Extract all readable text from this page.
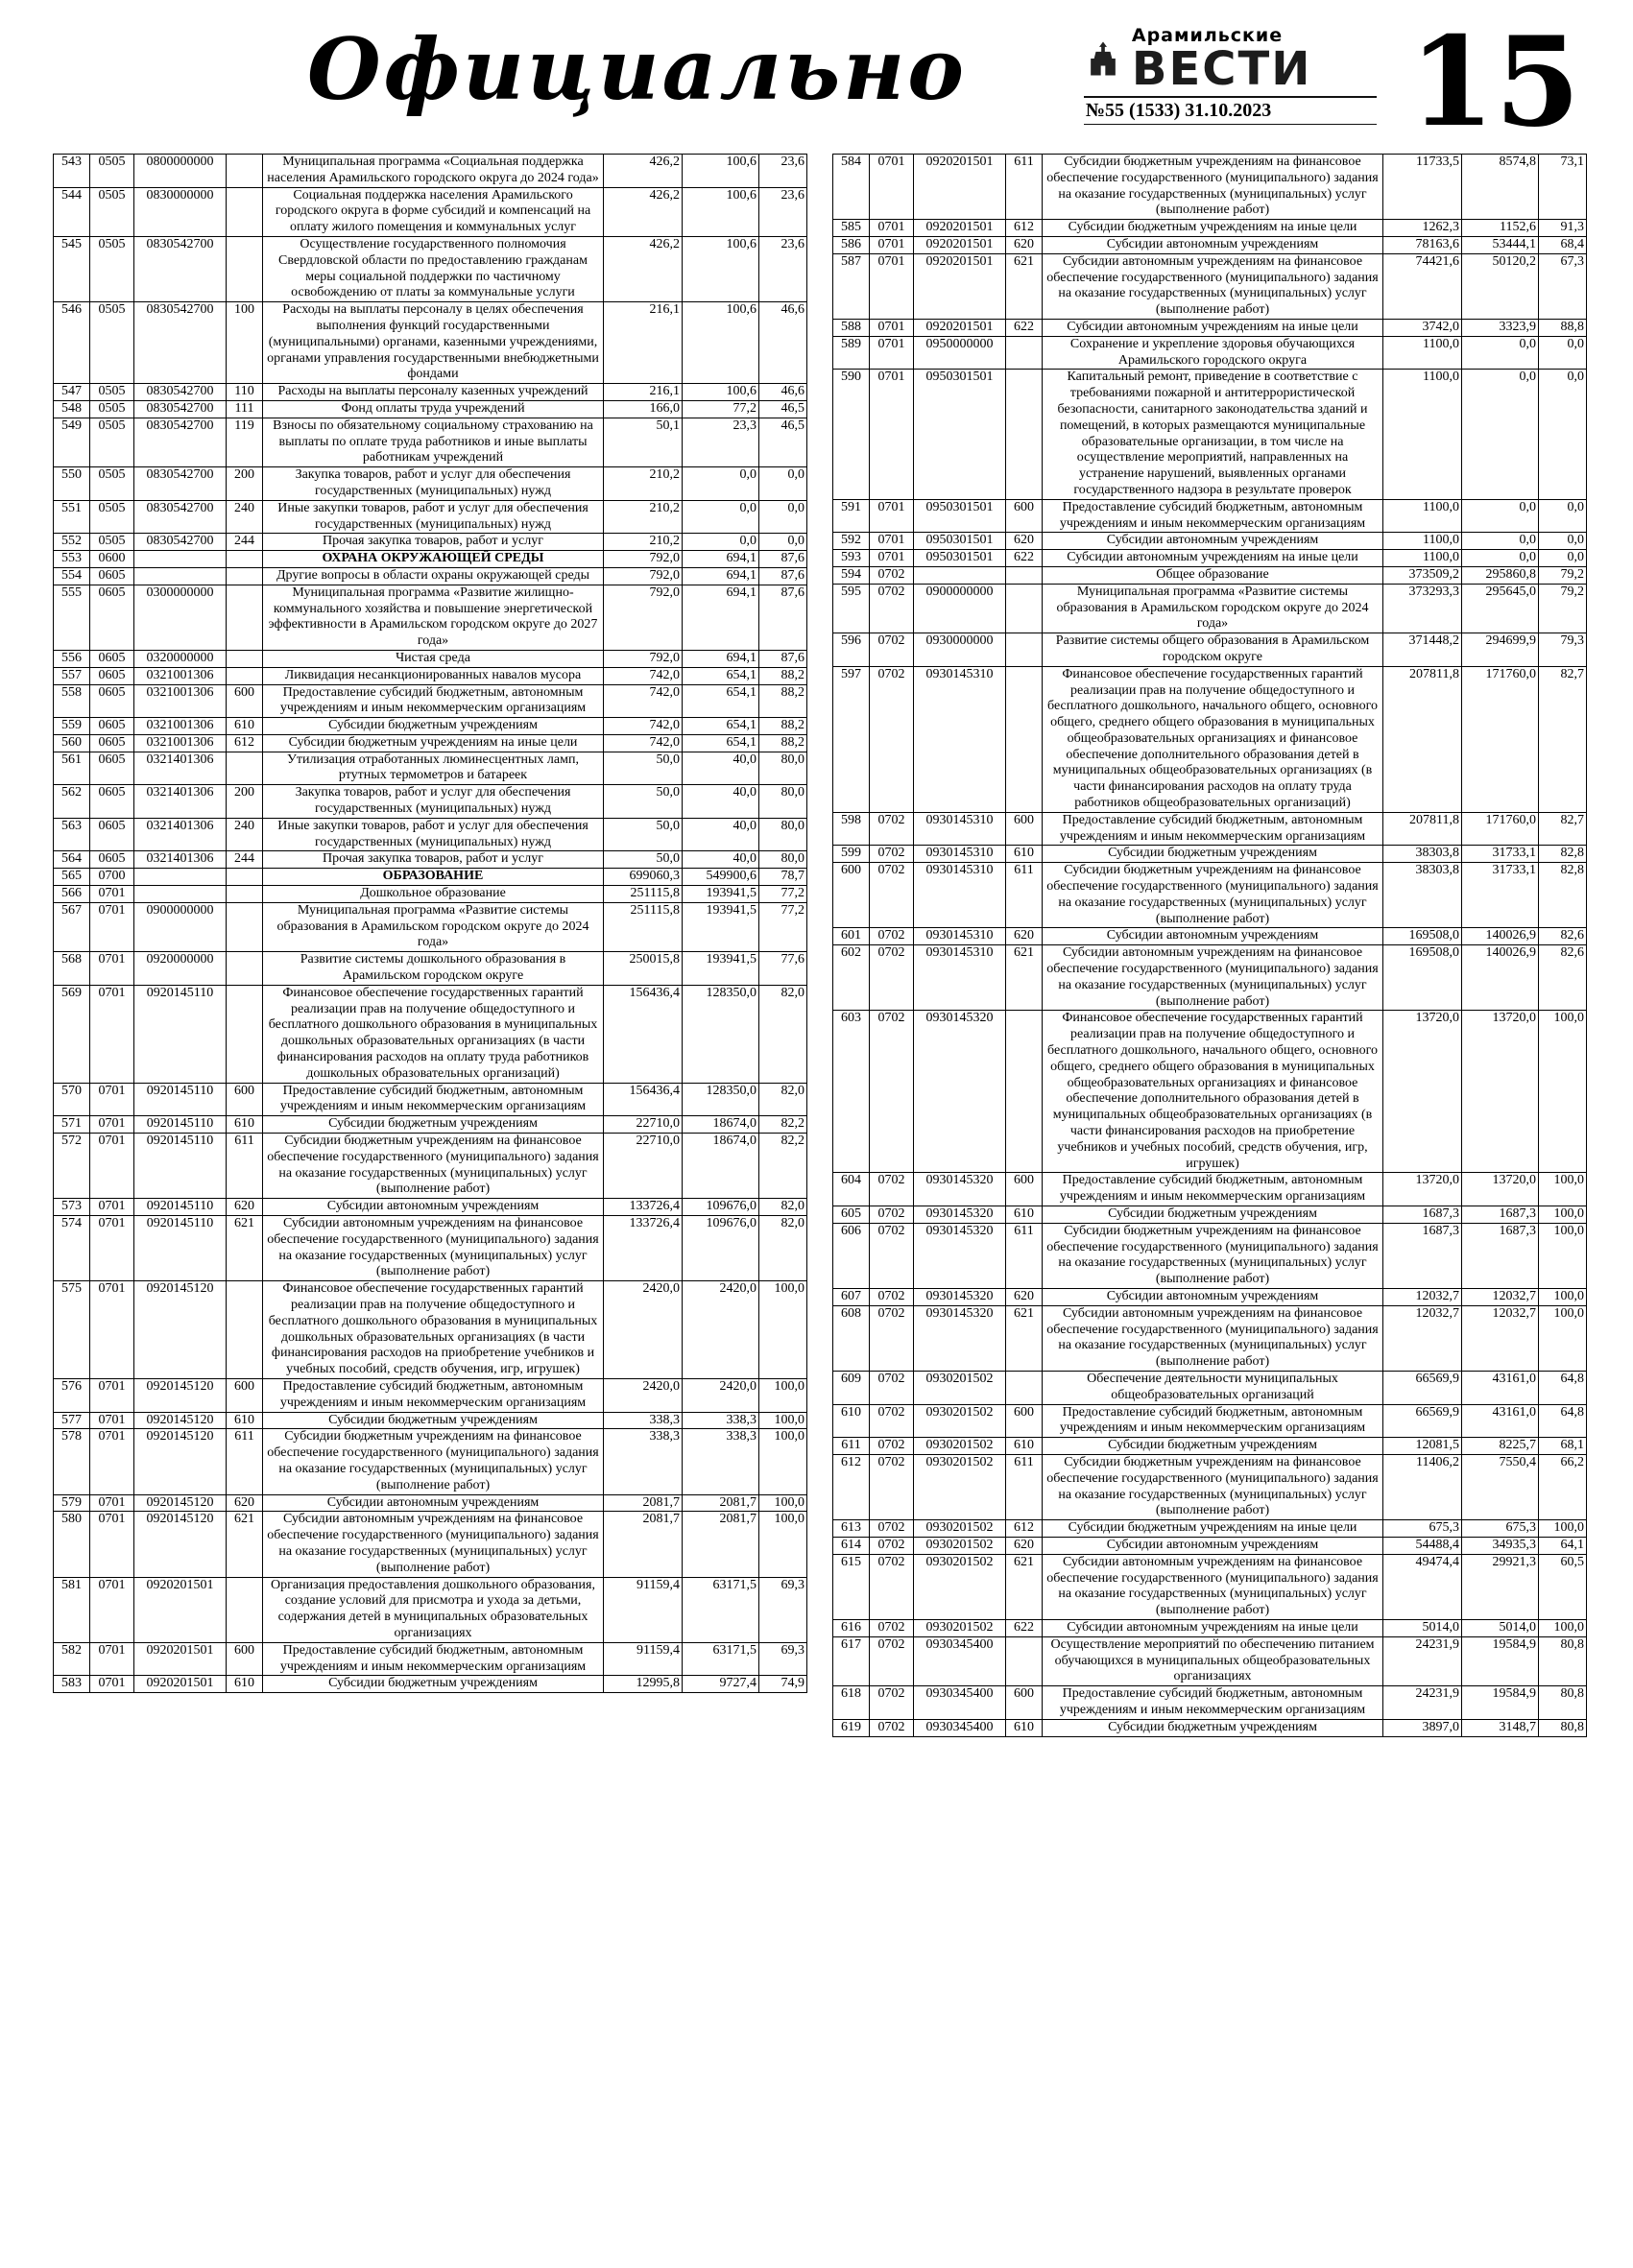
Официально	Арамильские
ВЕСТИ
№55 (1533) 31.10.2023	15
543	0505	0800000000		Муниципальная программа «Социальная поддержка населения Арамильского городского округа до 2024 года»	426,2	100,6	23,6
544	0505	0830000000		Социальная поддержка населения Арамильского городского округа в форме субсидий и компенсаций на оплату жилого помещения и коммунальных услуг	426,2	100,6	23,6
545	0505	0830542700		Осуществление государственного полномочия Свердловской области по предоставлению гражданам меры социальной поддержки по частичному освобождению от платы за коммунальные услуги	426,2	100,6	23,6
546	0505	0830542700	100	Расходы на выплаты персоналу в целях обеспечения выполнения функций государственными (муниципальными) органами, казенными учреждениями, органами управления государственными внебюджетными фондами	216,1	100,6	46,6
547	0505	0830542700	110	Расходы на выплаты персоналу казенных учреждений	216,1	100,6	46,6
548	0505	0830542700	111	Фонд оплаты труда учреждений	166,0	77,2	46,5
549	0505	0830542700	119	Взносы по обязательному социальному страхованию на выплаты по оплате труда работников и иные выплаты работникам учреждений	50,1	23,3	46,5
550	0505	0830542700	200	Закупка товаров, работ и услуг для обеспечения государственных (муниципальных) нужд	210,2	0,0	0,0
551	0505	0830542700	240	Иные закупки товаров, работ и услуг для обеспечения государственных (муниципальных) нужд	210,2	0,0	0,0
552	0505	0830542700	244	Прочая закупка товаров, работ и услуг	210,2	0,0	0,0
553	0600			ОХРАНА ОКРУЖАЮЩЕЙ СРЕДЫ	792,0	694,1	87,6
554	0605			Другие вопросы в области охраны окружающей среды	792,0	694,1	87,6
555	0605	0300000000		Муниципальная программа «Развитие жилищно-коммунального хозяйства и повышение энергетической эффективности в Арамильском городском округе до 2027 года»	792,0	694,1	87,6
556	0605	0320000000		Чистая среда	792,0	694,1	87,6
557	0605	0321001306		Ликвидация несанкционированных навалов мусора	742,0	654,1	88,2
558	0605	0321001306	600	Предоставление субсидий бюджетным, автономным учреждениям и иным некоммерческим организациям	742,0	654,1	88,2
559	0605	0321001306	610	Субсидии бюджетным учреждениям	742,0	654,1	88,2
560	0605	0321001306	612	Субсидии бюджетным учреждениям на иные цели	742,0	654,1	88,2
561	0605	0321401306		Утилизация отработанных люминесцентных ламп, ртутных термометров и батареек	50,0	40,0	80,0
562	0605	0321401306	200	Закупка товаров, работ и услуг для обеспечения государственных (муниципальных) нужд	50,0	40,0	80,0
563	0605	0321401306	240	Иные закупки товаров, работ и услуг для обеспечения государственных (муниципальных) нужд	50,0	40,0	80,0
564	0605	0321401306	244	Прочая закупка товаров, работ и услуг	50,0	40,0	80,0
565	0700			ОБРАЗОВАНИЕ	699060,3	549900,6	78,7
566	0701			Дошкольное образование	251115,8	193941,5	77,2
567	0701	0900000000		Муниципальная программа «Развитие системы образования в Арамильском городском округе до 2024 года»	251115,8	193941,5	77,2
568	0701	0920000000		Развитие системы дошкольного образования в Арамильском городском округе	250015,8	193941,5	77,6
569	0701	0920145110		Финансовое обеспечение государственных гарантий реализации прав на получение общедоступного и бесплатного дошкольного образования в муниципальных дошкольных образовательных организациях (в части финансирования расходов на оплату труда работников дошкольных образовательных организаций)	156436,4	128350,0	82,0
570	0701	0920145110	600	Предоставление субсидий бюджетным, автономным учреждениям и иным некоммерческим организациям	156436,4	128350,0	82,0
571	0701	0920145110	610	Субсидии бюджетным учреждениям	22710,0	18674,0	82,2
572	0701	0920145110	611	Субсидии бюджетным учреждениям на финансовое обеспечение государственного (муниципального) задания на оказание государственных (муниципальных) услуг (выполнение работ)	22710,0	18674,0	82,2
573	0701	0920145110	620	Субсидии автономным учреждениям	133726,4	109676,0	82,0
574	0701	0920145110	621	Субсидии автономным учреждениям на финансовое обеспечение государственного (муниципального) задания на оказание государственных (муниципальных) услуг (выполнение работ)	133726,4	109676,0	82,0
575	0701	0920145120		Финансовое обеспечение государственных гарантий реализации прав на получение общедоступного и бесплатного дошкольного образования в муниципальных дошкольных образовательных организациях (в части финансирования расходов на приобретение учебников и учебных пособий, средств обучения, игр, игрушек)	2420,0	2420,0	100,0
576	0701	0920145120	600	Предоставление субсидий бюджетным, автономным учреждениям и иным некоммерческим организациям	2420,0	2420,0	100,0
577	0701	0920145120	610	Субсидии бюджетным учреждениям	338,3	338,3	100,0
578	0701	0920145120	611	Субсидии бюджетным учреждениям на финансовое обеспечение государственного (муниципального) задания на оказание государственных (муниципальных) услуг (выполнение работ)	338,3	338,3	100,0
579	0701	0920145120	620	Субсидии автономным учреждениям	2081,7	2081,7	100,0
580	0701	0920145120	621	Субсидии автономным учреждениям на финансовое обеспечение государственного (муниципального) задания на оказание государственных (муниципальных) услуг (выполнение работ)	2081,7	2081,7	100,0
581	0701	0920201501		Организация предоставления дошкольного образования, создание условий для присмотра и ухода за детьми, содержания детей в муниципальных образовательных организациях	91159,4	63171,5	69,3
582	0701	0920201501	600	Предоставление субсидий бюджетным, автономным учреждениям и иным некоммерческим организациям	91159,4	63171,5	69,3
583	0701	0920201501	610	Субсидии бюджетным учреждениям	12995,8	9727,4	74,9
584	0701	0920201501	611	Субсидии бюджетным учреждениям на финансовое обеспечение государственного (муниципального) задания на оказание государственных (муниципальных) услуг (выполнение работ)	11733,5	8574,8	73,1
585	0701	0920201501	612	Субсидии бюджетным учреждениям на иные цели	1262,3	1152,6	91,3
586	0701	0920201501	620	Субсидии автономным учреждениям	78163,6	53444,1	68,4
587	0701	0920201501	621	Субсидии автономным учреждениям на финансовое обеспечение государственного (муниципального) задания на оказание государственных (муниципальных) услуг (выполнение работ)	74421,6	50120,2	67,3
588	0701	0920201501	622	Субсидии автономным учреждениям на иные цели	3742,0	3323,9	88,8
589	0701	0950000000		Сохранение и укрепление здоровья обучающихся Арамильского городского округа	1100,0	0,0	0,0
590	0701	0950301501		Капитальный ремонт, приведение в соответствие с требованиями пожарной и антитеррористической безопасности, санитарного законодательства зданий и помещений, в которых размещаются муниципальные образовательные организации, в том числе на осуществление мероприятий, направленных на устранение нарушений, выявленных органами государственного надзора в результате проверок	1100,0	0,0	0,0
591	0701	0950301501	600	Предоставление субсидий бюджетным, автономным учреждениям и иным некоммерческим организациям	1100,0	0,0	0,0
592	0701	0950301501	620	Субсидии автономным учреждениям	1100,0	0,0	0,0
593	0701	0950301501	622	Субсидии автономным учреждениям на иные цели	1100,0	0,0	0,0
594	0702			Общее образование	373509,2	295860,8	79,2
595	0702	0900000000		Муниципальная программа «Развитие системы образования в Арамильском городском округе до 2024 года»	373293,3	295645,0	79,2
596	0702	0930000000		Развитие системы общего образования в Арамильском городском округе	371448,2	294699,9	79,3
597	0702	0930145310		Финансовое обеспечение государственных гарантий реализации прав на получение общедоступного и бесплатного дошкольного, начального общего, основного общего, среднего общего образования в муниципальных общеобразовательных организациях и финансовое обеспечение дополнительного образования детей в муниципальных общеобразовательных организациях (в части финансирования расходов на оплату труда работников общеобразовательных организаций)	207811,8	171760,0	82,7
598	0702	0930145310	600	Предоставление субсидий бюджетным, автономным учреждениям и иным некоммерческим организациям	207811,8	171760,0	82,7
599	0702	0930145310	610	Субсидии бюджетным учреждениям	38303,8	31733,1	82,8
600	0702	0930145310	611	Субсидии бюджетным учреждениям на финансовое обеспечение государственного (муниципального) задания на оказание государственных (муниципальных) услуг (выполнение работ)	38303,8	31733,1	82,8
601	0702	0930145310	620	Субсидии автономным учреждениям	169508,0	140026,9	82,6
602	0702	0930145310	621	Субсидии автономным учреждениям на финансовое обеспечение государственного (муниципального) задания на оказание государственных (муниципальных) услуг (выполнение работ)	169508,0	140026,9	82,6
603	0702	0930145320		Финансовое обеспечение государственных гарантий реализации прав на получение общедоступного и бесплатного дошкольного, начального общего, основного общего, среднего общего образования в муниципальных общеобразовательных организациях и финансовое обеспечение дополнительного образования детей в муниципальных общеобразовательных организациях (в части финансирования расходов на приобретение учебников и учебных пособий, средств обучения, игр, игрушек)	13720,0	13720,0	100,0
604	0702	0930145320	600	Предоставление субсидий бюджетным, автономным учреждениям и иным некоммерческим организациям	13720,0	13720,0	100,0
605	0702	0930145320	610	Субсидии бюджетным учреждениям	1687,3	1687,3	100,0
606	0702	0930145320	611	Субсидии бюджетным учреждениям на финансовое обеспечение государственного (муниципального) задания на оказание государственных (муниципальных) услуг (выполнение работ)	1687,3	1687,3	100,0
607	0702	0930145320	620	Субсидии автономным учреждениям	12032,7	12032,7	100,0
608	0702	0930145320	621	Субсидии автономным учреждениям на финансовое обеспечение государственного (муниципального) задания на оказание государственных (муниципальных) услуг (выполнение работ)	12032,7	12032,7	100,0
609	0702	0930201502		Обеспечение деятельности муниципальных общеобразовательных организаций	66569,9	43161,0	64,8
610	0702	0930201502	600	Предоставление субсидий бюджетным, автономным учреждениям и иным некоммерческим организациям	66569,9	43161,0	64,8
611	0702	0930201502	610	Субсидии бюджетным учреждениям	12081,5	8225,7	68,1
612	0702	0930201502	611	Субсидии бюджетным учреждениям на финансовое обеспечение государственного (муниципального) задания на оказание государственных (муниципальных) услуг (выполнение работ)	11406,2	7550,4	66,2
613	0702	0930201502	612	Субсидии бюджетным учреждениям на иные цели	675,3	675,3	100,0
614	0702	0930201502	620	Субсидии автономным учреждениям	54488,4	34935,3	64,1
615	0702	0930201502	621	Субсидии автономным учреждениям на финансовое обеспечение государственного (муниципального) задания на оказание государственных (муниципальных) услуг (выполнение работ)	49474,4	29921,3	60,5
616	0702	0930201502	622	Субсидии автономным учреждениям на иные цели	5014,0	5014,0	100,0
617	0702	0930345400		Осуществление мероприятий по обеспечению питанием обучающихся в муниципальных общеобразовательных организациях	24231,9	19584,9	80,8
618	0702	0930345400	600	Предоставление субсидий бюджетным, автономным учреждениям и иным некоммерческим организациям	24231,9	19584,9	80,8
619	0702	0930345400	610	Субсидии бюджетным учреждениям	3897,0	3148,7	80,8
